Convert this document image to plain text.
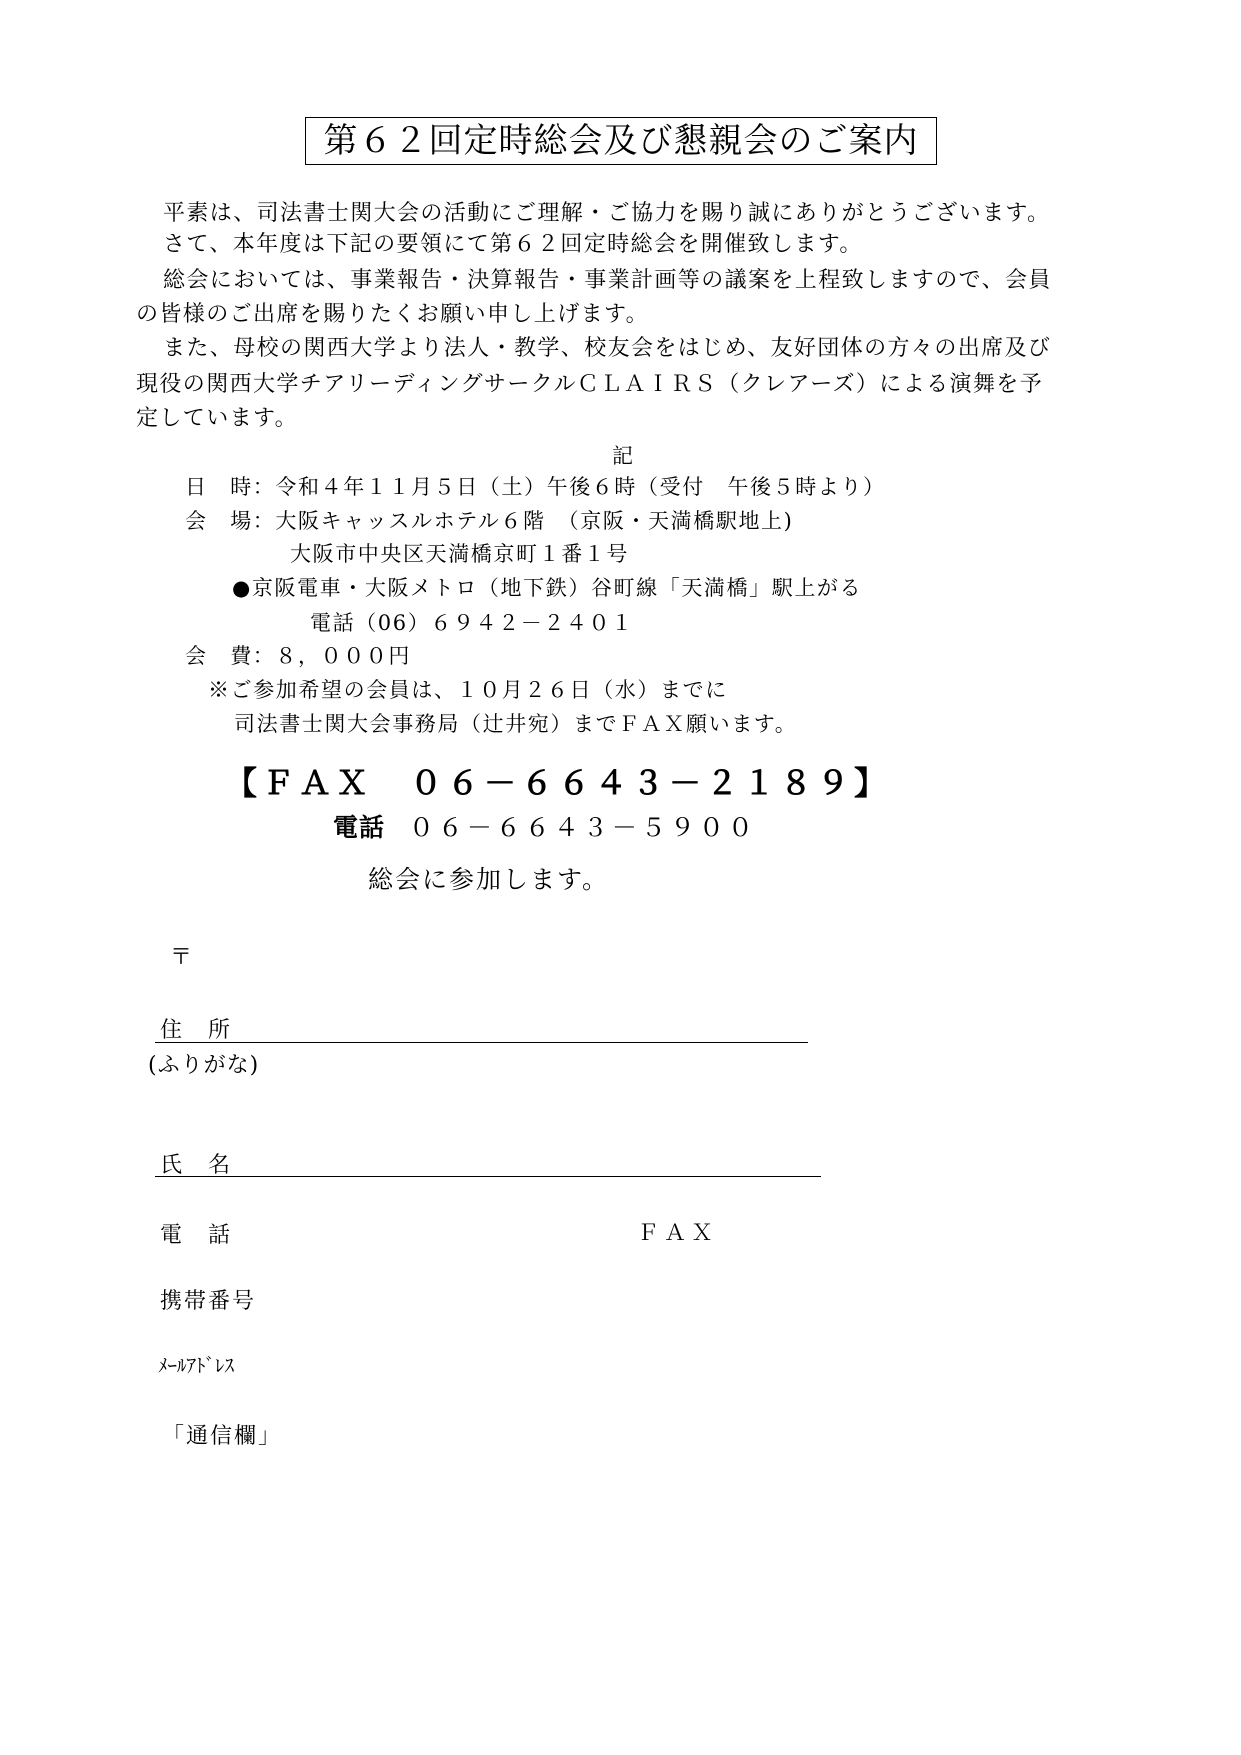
第６２回定時総会及び懇親会のご案内
平素は、司法書士関大会の活動にご理解・ご協力を賜り誠にありがとうございます。
さて、本年度は下記の要領にて第６２回定時総会を開催致します。
総会においては、事業報告・決算報告・事業計画等の議案を上程致しますので、会員
の皆様のご出席を賜りたくお願い申し上げます。
また、母校の関西大学より法人・教学、校友会をはじめ、友好団体の方々の出席及び
現役の関西大学チアリーディングサークルＣＬＡＩＲＳ（クレアーズ）による演舞を予
定しています。
記
日　時：令和４年１１月５日（土）午後６時（受付　午後５時より）
会　場：大阪キャッスルホテル６階　（京阪・天満橋駅地上)
大阪市中央区天満橋京町１番１号
●京阪電車・大阪メトロ（地下鉄）谷町線「天満橋」駅上がる
電話（06）６９４２－２４０１
会　費：８，０００円
※ご参加希望の会員は、１０月２６日（水）までに
司法書士関大会事務局（辻井宛）までＦＡＸ願います。
【ＦＡＸ　０６－６６４３－２１８９】
電話 ０６－６６４３－５９００
総会に参加します。
〒
住　所
(ふりがな)
氏　名
電　話	ＦＡＸ
携帯番号
ﾒｰﾙｱﾄﾞﾚｽ
「通信欄」
